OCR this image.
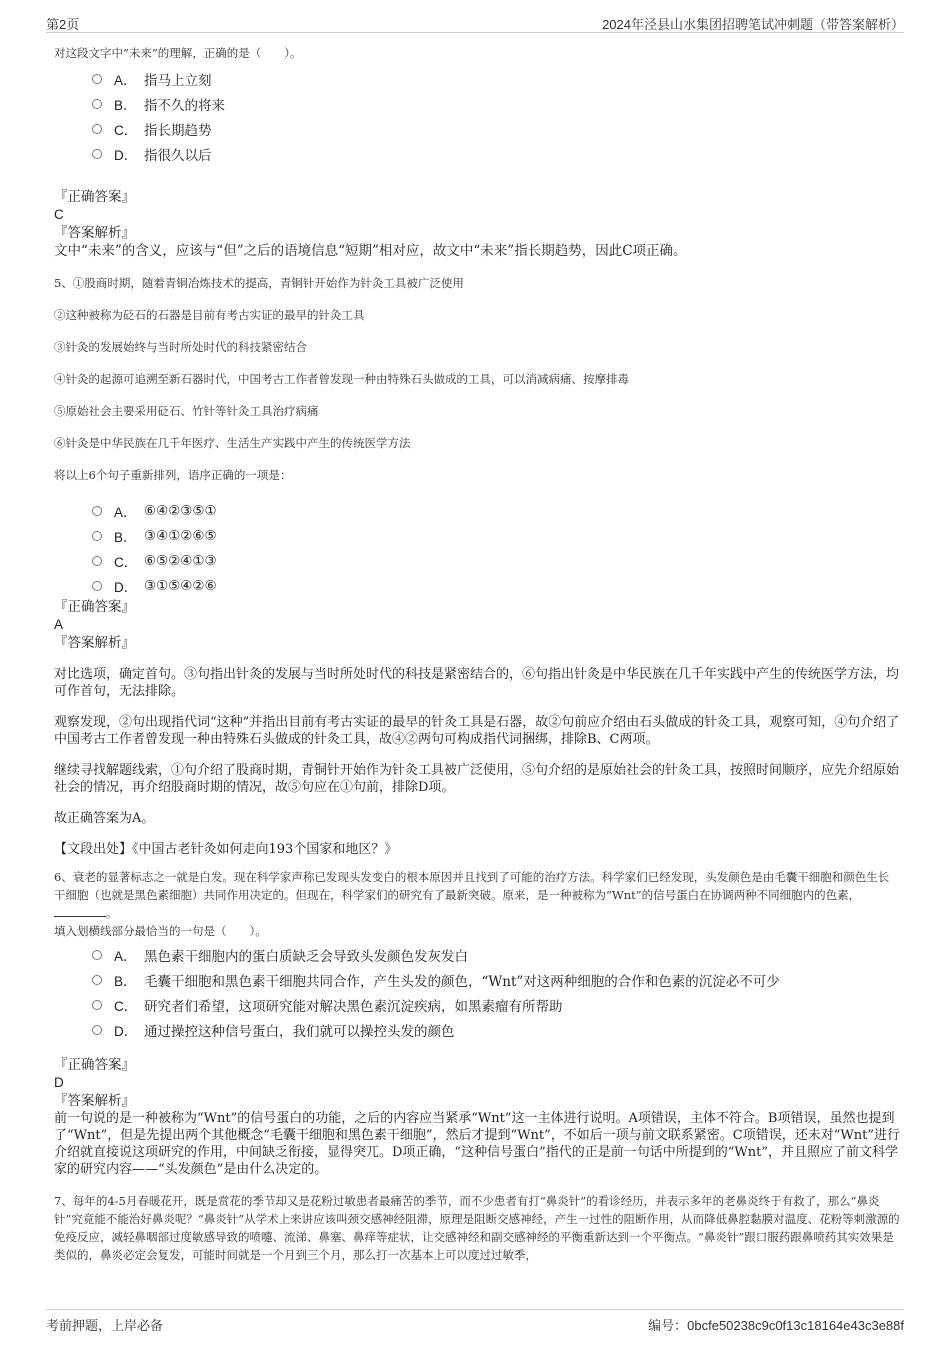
第2页	2024年泾县山水集团招聘笔试冲刺题（带答案解析）
对这段文字中“未来”的理解，正确的是（　　）。
A． 指马上立刻
B． 指不久的将来
C． 指长期趋势
D． 指很久以后
『正确答案』
C
『答案解析』
文中“未来”的含义，应该与“但”之后的语境信息“短期”相对应，故文中“未来”指长期趋势，因此C项正确。
5、①股商时期，随着青铜冶炼技术的提高，青铜针开始作为针灸工具被广泛使用
②这种被称为砭石的石器是目前有考古实证的最早的针灸工具
③针灸的发展始终与当时所处时代的科技紧密结合
④针灸的起源可追溯至新石器时代，中国考古工作者曾发现一种由特殊石头做成的工具，可以消减病痛、按摩排毒
⑤原始社会主要采用砭石、竹针等针灸工具治疗病痛
⑥针灸是中华民族在几千年医疗、生活生产实践中产生的传统医学方法
将以上6个句子重新排列，语序正确的一项是：
A． ⑥④②③⑤①
B． ③④①②⑥⑤
C． ⑥⑤②④①③
D． ③①⑤④②⑥
『正确答案』
A
『答案解析』
对比选项，确定首句。③句指出针灸的发展与当时所处时代的科技是紧密结合的，⑥句指出针灸是中华民族在几千年实践中产生的传统医学方法，均可作首句，无法排除。
观察发现，②句出现指代词“这种”并指出目前有考古实证的最早的针灸工具是石器，故②句前应介绍由石头做成的针灸工具，观察可知，④句介绍了中国考古工作者曾发现一种由特殊石头做成的针灸工具，故④②两句可构成指代词捆绑，排除B、C两项。
继续寻找解题线索，①句介绍了股商时期，青铜针开始作为针灸工具被广泛使用，⑤句介绍的是原始社会的针灸工具，按照时间顺序，应先介绍原始社会的情况，再介绍股商时期的情况，故⑤句应在①句前，排除D项。
故正确答案为A。
【文段出处】《中国古老针灸如何走向193个国家和地区？》
6、衰老的显著标志之一就是白发。现在科学家声称已发现头发变白的根本原因并且找到了可能的治疗方法。科学家们已经发现，头发颜色是由毛囊干细胞和颜色生长干细胞（也就是黑色素细胞）共同作用决定的。但现在，科学家们的研究有了最新突破。原来，是一种被称为“Wnt”的信号蛋白在协调两种不同细胞内的色素，。
填入划横线部分最恰当的一句是（　　）。
A． 黑色素干细胞内的蛋白质缺乏会导致头发颜色发灰发白
B． 毛囊干细胞和黑色素干细胞共同合作，产生头发的颜色，“Wnt”对这两种细胞的合作和色素的沉淀必不可少
C． 研究者们希望，这项研究能对解决黑色素沉淀疾病，如黑素瘤有所帮助
D． 通过操控这种信号蛋白，我们就可以操控头发的颜色
『正确答案』
D
『答案解析』
前一句说的是一种被称为“Wnt”的信号蛋白的功能，之后的内容应当紧承“Wnt”这一主体进行说明。A项错误，主体不符合。B项错误，虽然也提到了“Wnt”，但是先提出两个其他概念“毛囊干细胞和黑色素干细胞”，然后才提到“Wnt”，不如后一项与前文联系紧密。C项错误，还未对“Wnt”进行介绍就直接说这项研究的作用，中间缺乏衔接，显得突兀。D项正确，“这种信号蛋白”指代的正是前一句话中所提到的“Wnt”，并且照应了前文科学家的研究内容——“头发颜色”是由什么决定的。
7、每年的4-5月春暖花开，既是赏花的季节却又是花粉过敏患者最痛苦的季节，而不少患者有打“鼻炎针”的看诊经历，并表示多年的老鼻炎终于有救了，那么“鼻炎针”究竟能不能治好鼻炎呢？“鼻炎针”从学术上来讲应该叫颈交感神经阻滞，原理是阻断交感神经，产生一过性的阻断作用，从而降低鼻腔黏膜对温度、花粉等刺激源的免疫反应，减轻鼻咽部过度敏感导致的喷嚏、流涕、鼻塞、鼻痒等症状，让交感神经和副交感神经的平衡重新达到一个平衡点。“鼻炎针”跟口服药跟鼻喷药其实效果是类似的，鼻炎必定会复发，可能时间就是一个月到三个月，那么打一次基本上可以度过过敏季，
考前押题，上岸必备	编号：0bcfe50238c9c0f13c18164e43c3e88f
